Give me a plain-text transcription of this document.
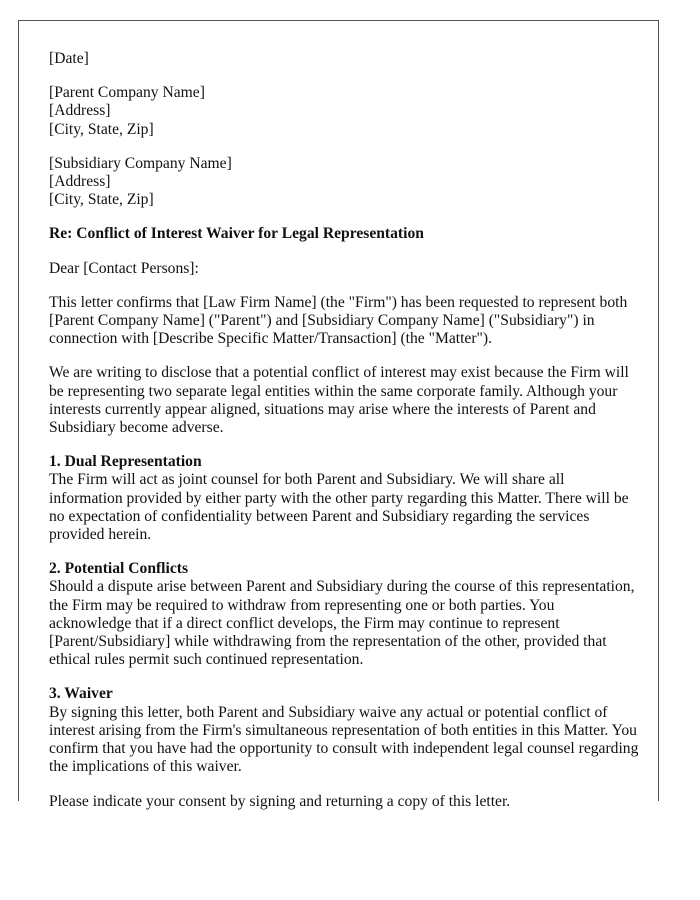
[Date]
[Parent Company Name]
[Address]
[City, State, Zip]
[Subsidiary Company Name]
[Address]
[City, State, Zip]
Re: Conflict of Interest Waiver for Legal Representation
Dear [Contact Persons]:

This letter confirms that [Law Firm Name] (the "Firm") has been requested to represent both [Parent Company Name] ("Parent") and [Subsidiary Company Name] ("Subsidiary") in connection with [Describe Specific Matter/Transaction] (the "Matter").

We are writing to disclose that a potential conflict of interest may exist because the Firm will be representing two separate legal entities within the same corporate family. Although your interests currently appear aligned, situations may arise where the interests of Parent and Subsidiary become adverse.

1. Dual Representation
The Firm will act as joint counsel for both Parent and Subsidiary. We will share all information provided by either party with the other party regarding this Matter. There will be no expectation of confidentiality between Parent and Subsidiary regarding the services provided herein.
2. Potential Conflicts
Should a dispute arise between Parent and Subsidiary during the course of this representation, the Firm may be required to withdraw from representing one or both parties. You acknowledge that if a direct conflict develops, the Firm may continue to represent [Parent/Subsidiary] while withdrawing from the representation of the other, provided that ethical rules permit such continued representation.
3. Waiver
By signing this letter, both Parent and Subsidiary waive any actual or potential conflict of interest arising from the Firm's simultaneous representation of both entities in this Matter. You confirm that you have had the opportunity to consult with independent legal counsel regarding the implications of this waiver.

Please indicate your consent by signing and returning a copy of this letter.
